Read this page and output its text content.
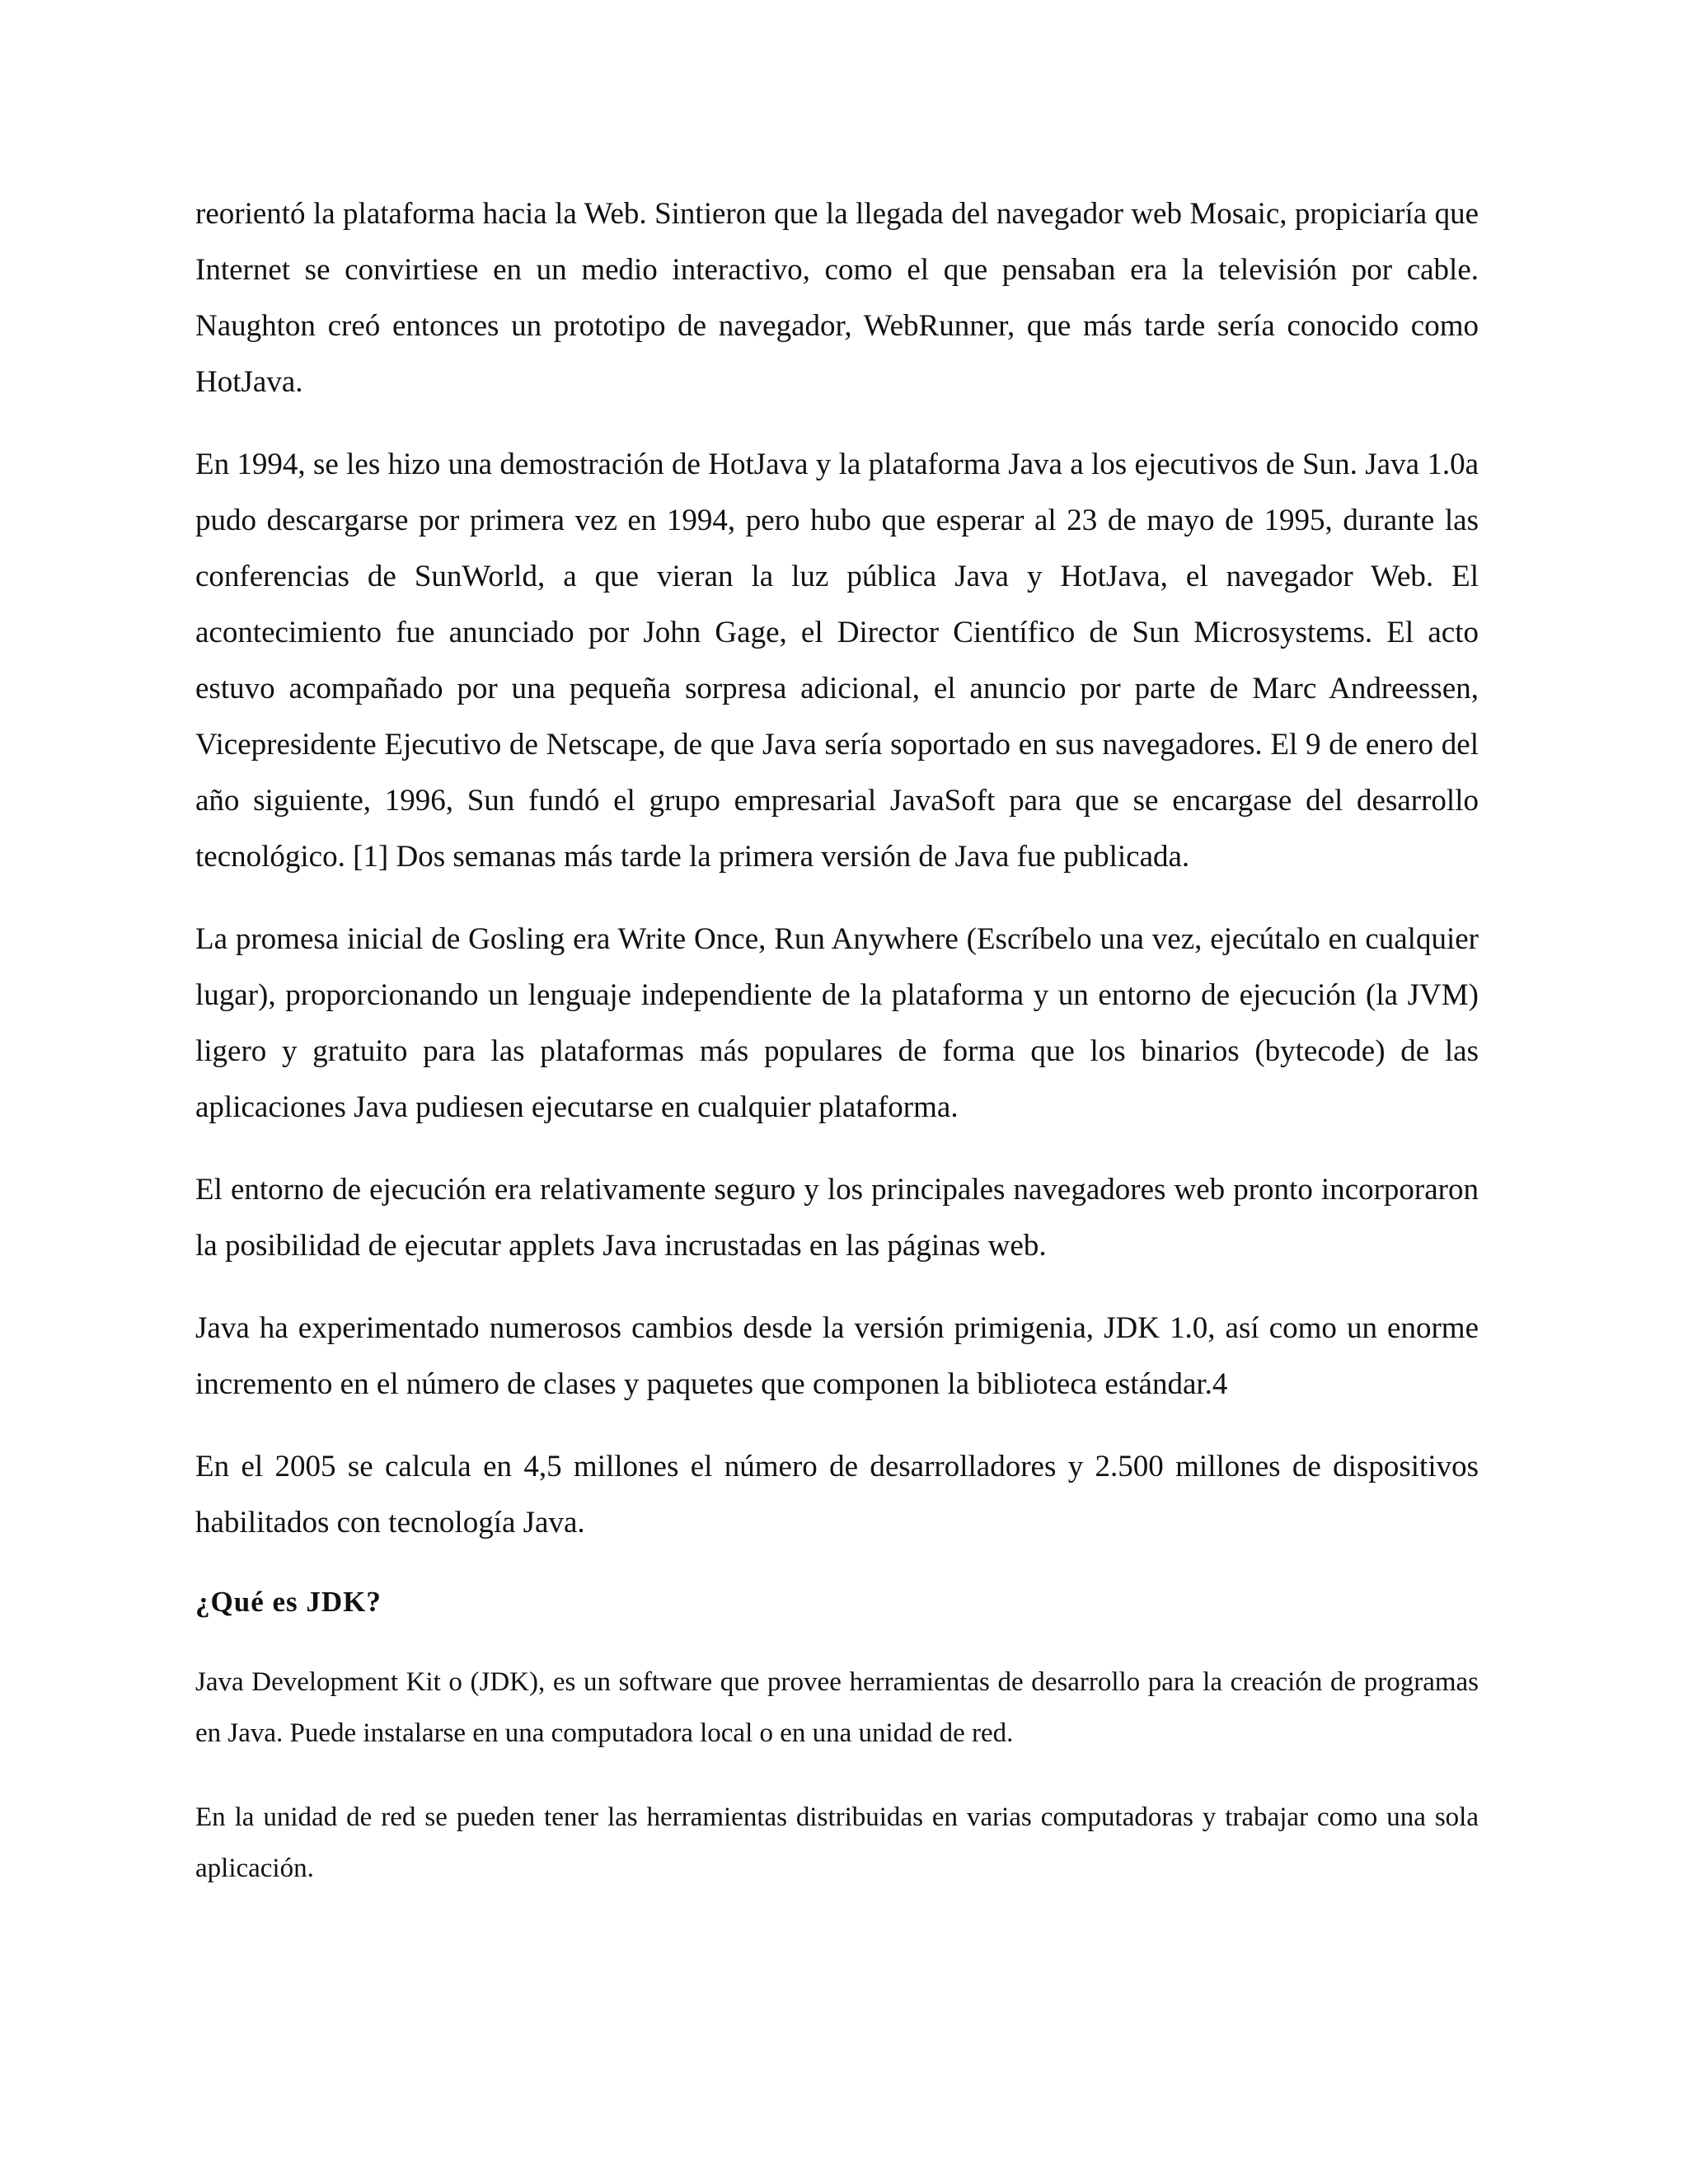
reorientó la plataforma hacia la Web. Sintieron que la llegada del navegador web Mosaic, propiciaría que Internet se convirtiese en un medio interactivo, como el que pensaban era la televisión por cable. Naughton creó entonces un prototipo de navegador, WebRunner, que más tarde sería conocido como HotJava.

En 1994, se les hizo una demostración de HotJava y la plataforma Java a los ejecutivos de Sun. Java 1.0a pudo descargarse por primera vez en 1994, pero hubo que esperar al 23 de mayo de 1995, durante las conferencias de SunWorld, a que vieran la luz pública Java y HotJava, el navegador Web. El acontecimiento fue anunciado por John Gage, el Director Científico de Sun Microsystems. El acto estuvo acompañado por una pequeña sorpresa adicional, el anuncio por parte de Marc Andreessen, Vicepresidente Ejecutivo de Netscape, de que Java sería soportado en sus navegadores. El 9 de enero del año siguiente, 1996, Sun fundó el grupo empresarial JavaSoft para que se encargase del desarrollo tecnológico. [1] Dos semanas más tarde la primera versión de Java fue publicada.

La promesa inicial de Gosling era Write Once, Run Anywhere (Escríbelo una vez, ejecútalo en cualquier lugar), proporcionando un lenguaje independiente de la plataforma y un entorno de ejecución (la JVM) ligero y gratuito para las plataformas más populares de forma que los binarios (bytecode) de las aplicaciones Java pudiesen ejecutarse en cualquier plataforma.

El entorno de ejecución era relativamente seguro y los principales navegadores web pronto incorporaron la posibilidad de ejecutar applets Java incrustadas en las páginas web.

Java ha experimentado numerosos cambios desde la versión primigenia, JDK 1.0, así como un enorme incremento en el número de clases y paquetes que componen la biblioteca estándar.4

En el 2005 se calcula en 4,5 millones el número de desarrolladores y 2.500 millones de dispositivos habilitados con tecnología Java.

¿Qué es JDK?

Java Development Kit o (JDK), es un software que provee herramientas de desarrollo para la creación de programas en Java. Puede instalarse en una computadora local o en una unidad de red.

En la unidad de red se pueden tener las herramientas distribuidas en varias computadoras y trabajar como una sola aplicación.
